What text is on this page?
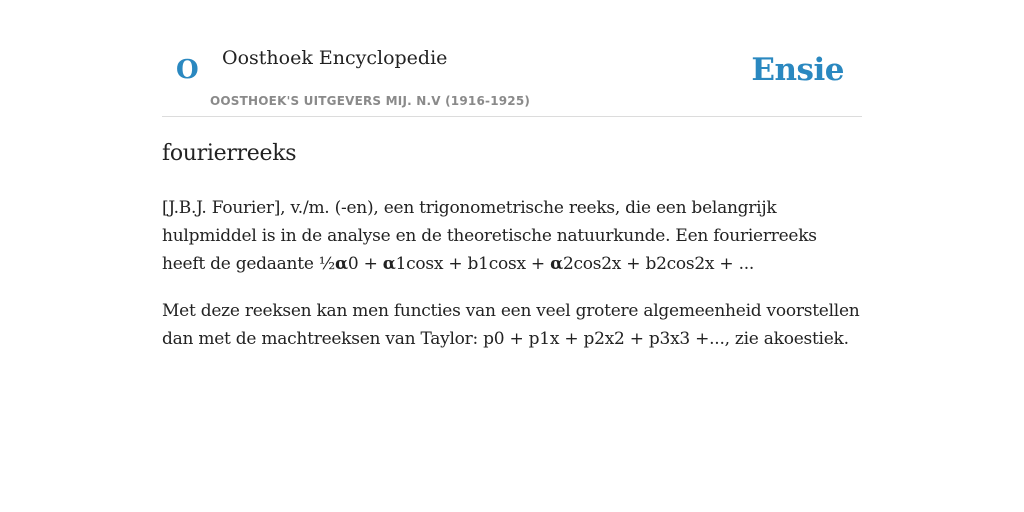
O Oosthoek Encyclopedie
OOSTHOEK'S UITGEVERS MIJ. N.V (1916-1925)
Ensie
fourierreeks

[J.B.J. Fourier], v./m. (-en), een trigonometrische reeks, die een belangrijk hulpmiddel is in de analyse en de theoretische natuurkunde. Een fourierreeks heeft de gedaante ½α0 + α1cosx + b1cosx + α2cos2x + b2cos2x + ...

Met deze reeksen kan men functies van een veel grotere algemeenheid voorstellen dan met de machtreeksen van Taylor: p0 + p1x + p2x2 + p3x3 +..., zie akoestiek.
